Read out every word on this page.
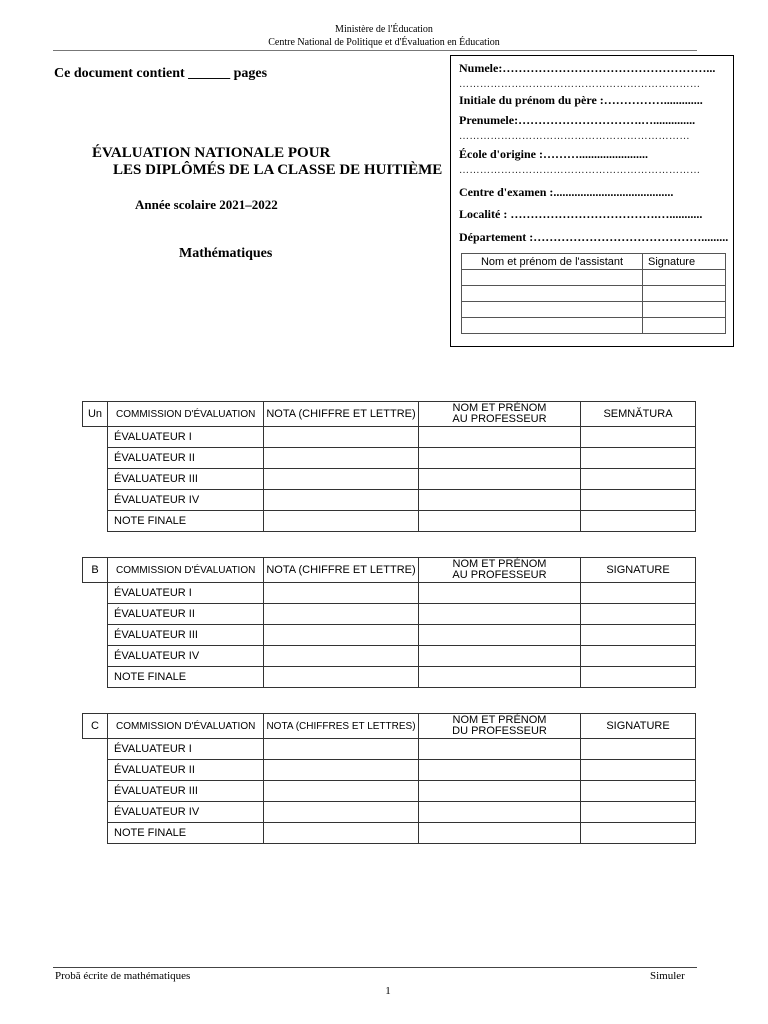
Ministère de l'Éducation
Centre National de Politique et d'Évaluation en Éducation
Ce document contient ______ pages
ÉVALUATION NATIONALE POUR
LES DIPLÔMÉS DE LA CLASSE DE HUITIÈME
Année scolaire 2021–2022
Mathématiques
Numele:……………………………………………...
……………………………………………………………
Initiale du prénom du père :…………….............
Prenumele:………………………….…..............
…………………………………………………………
École d'origine :……….......................
……………………………………………………………
Centre d'examen :........................................
Localité : ……………………………….…...........
Département :…………………………………….........
Nom et prénom de l'assistant	Signature

Un	COMMISSION D'ÉVALUATION	NOTA (CHIFFRE ET LETTRE)	NOM ET PRÉNOM
AU PROFESSEUR	SEMNĂTURA
	ÉVALUATEUR I			
	ÉVALUATEUR II			
	ÉVALUATEUR III			
	ÉVALUATEUR IV			
	NOTE FINALE			
B	COMMISSION D'ÉVALUATION	NOTA (CHIFFRE ET LETTRE)	NOM ET PRÉNOM
AU PROFESSEUR	SIGNATURE
	ÉVALUATEUR I			
	ÉVALUATEUR II			
	ÉVALUATEUR III			
	ÉVALUATEUR IV			
	NOTE FINALE			
C	COMMISSION D'ÉVALUATION	NOTA (CHIFFRES ET LETTRES)	NOM ET PRÉNOM
DU PROFESSEUR	SIGNATURE
	ÉVALUATEUR I			
	ÉVALUATEUR II			
	ÉVALUATEUR III			
	ÉVALUATEUR IV			
	NOTE FINALE			
Probă écrite de mathématiques	Simuler
1
